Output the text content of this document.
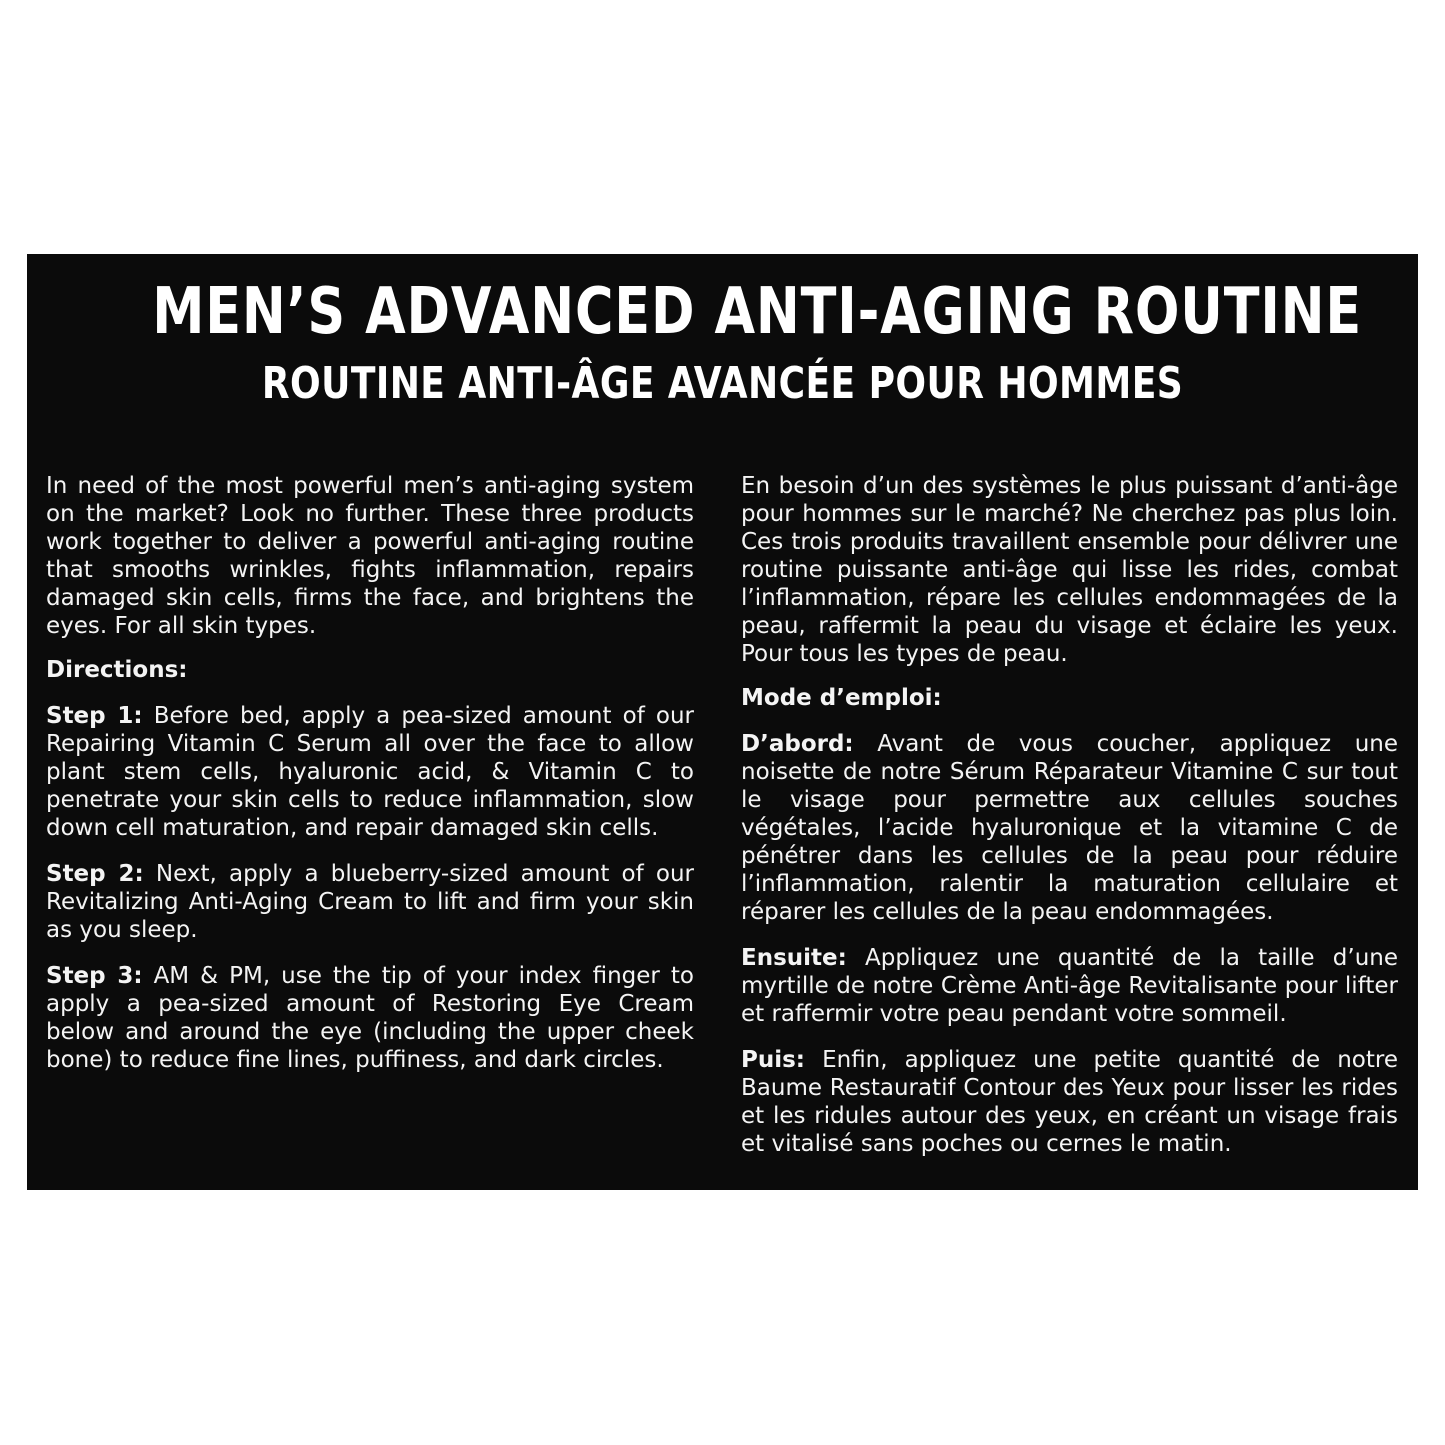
MEN’S ADVANCED ANTI-AGING ROUTINE
ROUTINE ANTI-ÂGE AVANCÉE POUR HOMMES

In need of the most powerful men’s anti-aging system on the market? Look no further. These three products work together to deliver a powerful anti-aging routine that smooths wrinkles, fights inflammation, repairs damaged skin cells, firms the face, and brightens the eyes. For all skin types.

Directions:

Step 1: Before bed, apply a pea-sized amount of our Repairing Vitamin C Serum all over the face to allow plant stem cells, hyaluronic acid, & Vitamin C to penetrate your skin cells to reduce inflammation, slow down cell maturation, and repair damaged skin cells.

Step 2: Next, apply a blueberry-sized amount of our Revitalizing Anti-Aging Cream to lift and firm your skin as you sleep.

Step 3: AM & PM, use the tip of your index finger to apply a pea-sized amount of Restoring Eye Cream below and around the eye (including the upper cheek bone) to reduce fine lines, puffiness, and dark circles.

En besoin d’un des systèmes le plus puissant d’anti-âge pour hommes sur le marché? Ne cherchez pas plus loin. Ces trois produits travaillent ensemble pour délivrer une routine puissante anti-âge qui lisse les rides, combat l’inflammation, répare les cellules endommagées de la peau, raffermit la peau du visage et éclaire les yeux. Pour tous les types de peau.

Mode d’emploi:

D’abord: Avant de vous coucher, appliquez une noisette de notre Sérum Réparateur Vitamine C sur tout le visage pour permettre aux cellules souches végétales, l’acide hyaluronique et la vitamine C de pénétrer dans les cellules de la peau pour réduire l’inflammation, ralentir la maturation cellulaire et réparer les cellules de la peau endommagées.

Ensuite: Appliquez une quantité de la taille d’une myrtille de notre Crème Anti-âge Revitalisante pour lifter et raffermir votre peau pendant votre sommeil.

Puis: Enfin, appliquez une petite quantité de notre Baume Restauratif Contour des Yeux pour lisser les rides et les ridules autour des yeux, en créant un visage frais et vitalisé sans poches ou cernes le matin.
